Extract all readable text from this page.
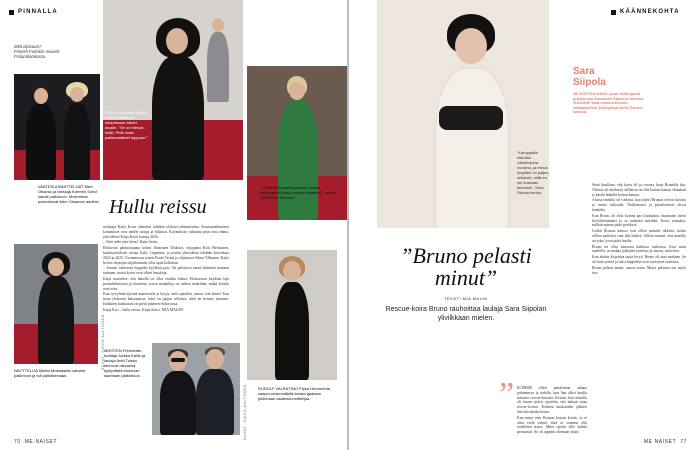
PINNALLA
Mitä tilaisuus?
Finnish Fashion Awards
Finlandiatalossa
VAATESUUNNITTELIJAT Mert Otsamo ja tanssija Karmen Sohvi saivat palkinnon. Molemmat pukeutuivat Mert Otsamon asuihin.
RAIJA koo ojensi Kaija Koolle palkinnon kutsuttuaan hänet lavalle. "Se on hienoin hetki. Pidin koko pakkovaatteet loppuun."
"LOMAILEN aurinkoisessa, koska Helsingistä löytyy parhaat vaatteet", kertoo Olli-Pekka Tiihonen.
Hullu reissu

uolatiaja Kaija Koon elämästä tehdään elokuva-dokumenttia. Kaurismäkimäiset kohtaukset ovat meille tuttuja ja hiljaisia. Kuvauksiin vaikuttaa pian oma elämä, joka lähtee Kaija Koon kanssa 2026.

– Siitä tulee niin hieno! Kaija iloitsi.

Elokuvan päätuottajana toimii Ilmarinen Elokuva, ohjaajana Ritti Heiskanen, käsikirjoituksen vastaa Jyrki, Leppänen, ja joulun yhteydessä tehdään kuvauksia 2024 ja 2025. Tuotannossa toimii Paula Vesala ja ohjaajana Selma Vilhunen. Kaija kertoo ohjaajan ohjaileminen ollut upea kokemus.

– Jossain vaiheessa hyppään kyydistä pois. On pelottava antaa elämästä mukaan tarinaan, mutta kuvat ovat olleet hauskoja.

Kaija muistelee, että hänellä on ollut värikäs elämä. Elokuvassa käydään läpi parisuhdeasioita ja tilanteita, joissa matkailija on vaikea määrittää, mitkä kohdat ovat totta.

Kun työryhmä näyttää materiaalia ja kysyy, mitä ajattelen, sanon, että hieno! Kun istun elokuvaa katsomassa, siinä on paljon sellaista, mitä en tiennyt itsestäni. Kaikkien lauluistani on pieni palanen elokuvassa.

Kaija Koo – hullu reissu, Kaija iloitsi. MIA MALMI

NÄYTTELIJÄ Minttu Mustakallio vahvisti palkinnon ja tuli palkitsemaan.
KUVAT: JUKKA AALTONEN MIESTEN Fremantle-tuottaja Jarkko Kallio ja laulaja Antti Tuisku kertovat olevansa tyytyväisiä elokuvan saamaan palkintoon.
RUDOLF VALENTINO Pipsa Hurmerinta saapui ensimmäistä kertaa gaalaan juhlimaan vaatesuunnittelijaa.
KUVAT: JUKKA AALTONEN
70 ME NAISET
"Kamppailin elämäni vaikeimpina vuosina, ja minun levylläni on paljon sellaista, mitä en ole koskaan kertonut", Sara Siipola kertoo.
KÄÄNNEKOHTA
Sara
Siipola
48-VUOTIAS artisti. Asuu Helsingissä puolisonsa Alexander Eliasson kanssa. JULKAISI tänä vuonna Rockin-rakkausbiisin Arkkipiispa Helin Rockin kanssa.
”Bruno pelasti
minut”
TEKSTI MIA MALMI
Rescue-koira Bruno rauhoittaa laulaja Sara Siipolan ylivilkkaan mielen.
” ELIMME olleet pandemian aikana puhumassa ja todella, kun hän alkoi kuulla minusta rescue-koirista. Kerran, kun minulla oli huono päivä, ajattelin, että haluan ottaa rescue-koiran. Kolmen kuukauden jälkeen hän tuli tänään kotiin.

Kun minä vein Brunon koiran kotiin, se ei ollut vielä valmis eikä se osannut olla tavallinen koira. Minä opetin sille kaikki perusasiat. Se oli oppinut olemaan yksin.

Siinä kuullaan, että koira oli ja varasta luoja Brunolla käy. Ollessa oli mielessä, millaista on olla koiran kanssa elämässä ja käydä lenkillä koiran kanssa.

Alussa minulla oli vaikeaa, kun näytti Brunon olevan kotona ja tuntui vaikealta. Nukkumiset ja pissailemiset olivat hankalia.

Kun Bruno oli ollut kotona pari kuukautta, huomasin itseni levollisemmaksi ja se rauhoitti mieltäni. Koira ymmärsi, milloin minun pitää pysähtyä.

Lenkit Brunon kanssa ovat olleet minulle tärkeitä, koska silloin ajattelen vain tätä hetkeä. Silloin tunnen, että minulla on joku, josta pitää huolta.

Bruno on ollut kanssani kaikissa vaiheissa. Kun istun studiolla, se makaa jalkojeni juuressa ja seuraa, mitä teen.

Kun aloitin kirjoittaa uutta levyä, Bruno oli aina mukana. Se oli kuin ystävä ja siksi kappaleet ovat syntyneet rauhassa.

Bruno pelasti minut, sanon usein. Mutta pelastin sen myös itse.

ME NAISET 77
